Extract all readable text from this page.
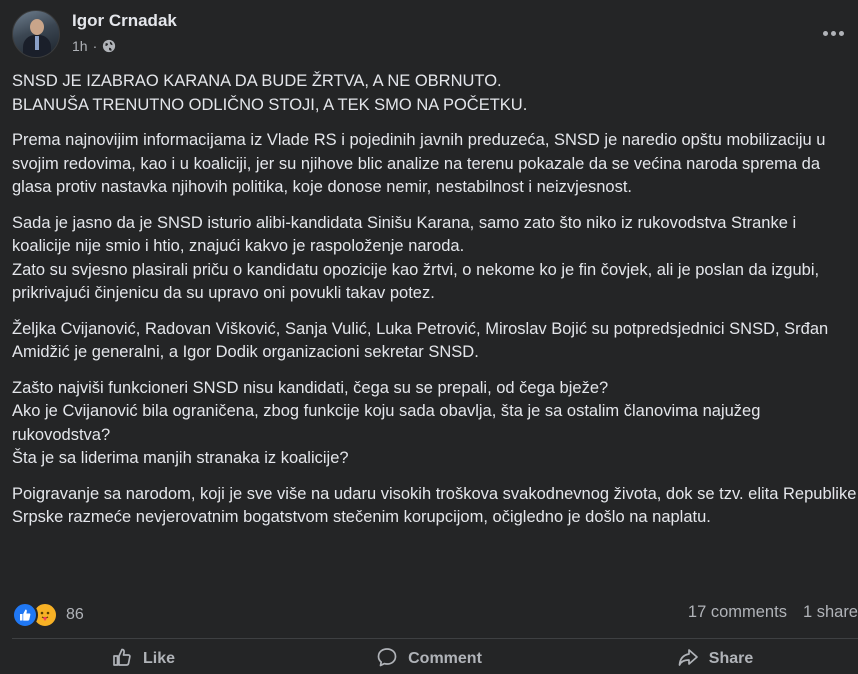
Igor Crnadak
1h ·

SNSD JE IZABRAO KARANA DA BUDE ŽRTVA, A NE OBRNUTO.
BLANUŠA TRENUTNO ODLIČNO STOJI, A TEK SMO NA POČETKU.

Prema najnovijim informacijama iz Vlade RS i pojedinih javnih preduzeća, SNSD je naredio opštu mobilizaciju u svojim redovima, kao i u koaliciji, jer su njihove blic analize na terenu pokazale da se većina naroda sprema da glasa protiv nastavka njihovih politika, koje donose nemir, nestabilnost i neizvjesnost.

Sada je jasno da je SNSD isturio alibi-kandidata Sinišu Karana, samo zato što niko iz rukovodstva Stranke i koalicije nije smio i htio, znajući kakvo je raspoloženje naroda.
Zato su svjesno plasirali priču o kandidatu opozicije kao žrtvi, o nekome ko je fin čovjek, ali je poslan da izgubi, prikrivajući činjenicu da su upravo oni povukli takav potez.

Željka Cvijanović, Radovan Višković, Sanja Vulić, Luka Petrović, Miroslav Bojić su potpredsjednici SNSD, Srđan Amidžić je generalni, a Igor Dodik organizacioni sekretar SNSD.

Zašto najviši funkcioneri SNSD nisu kandidati, čega su se prepali, od čega bježe?
Ako je Cvijanović bila ograničena, zbog funkcije koju sada obavlja, šta je sa ostalim članovima najužeg rukovodstva?
Šta je sa liderima manjih stranaka iz koalicije?

Poigravanje sa narodom, koji je sve više na udaru visokih troškova svakodnevnog života, dok se tzv. elita Republike Srpske razmeće nevjerovatnim bogatstvom stečenim korupcijom, očigledno je došlo na naplatu.

86	17 comments 1 share
Like	Comment	Share
